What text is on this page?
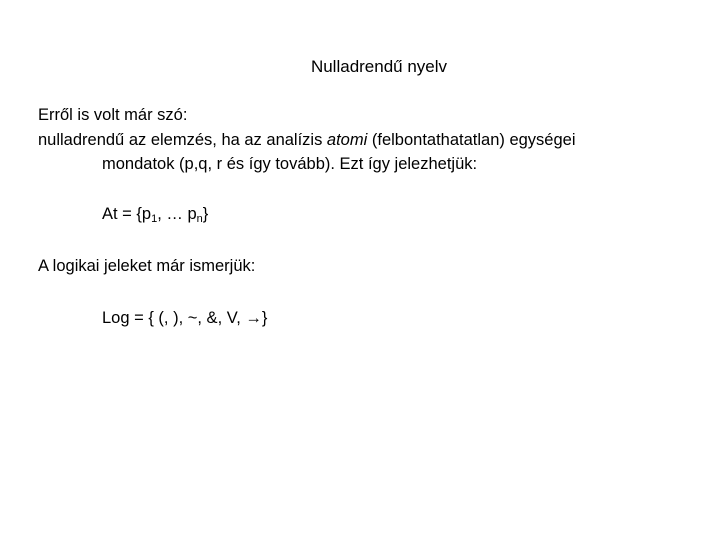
Nulladrendű nyelv
Erről is volt már szó:
nulladrendű az elemzés, ha az analízis atomi (felbontathatatlan) egységei
mondatok (p,q, r és így tovább). Ezt így jelezhetjük:
$At = \{p_1$, … $p_n$}
A logikai jeleket már ismerjük:
Log = { (, ), ~, &, V, →}
